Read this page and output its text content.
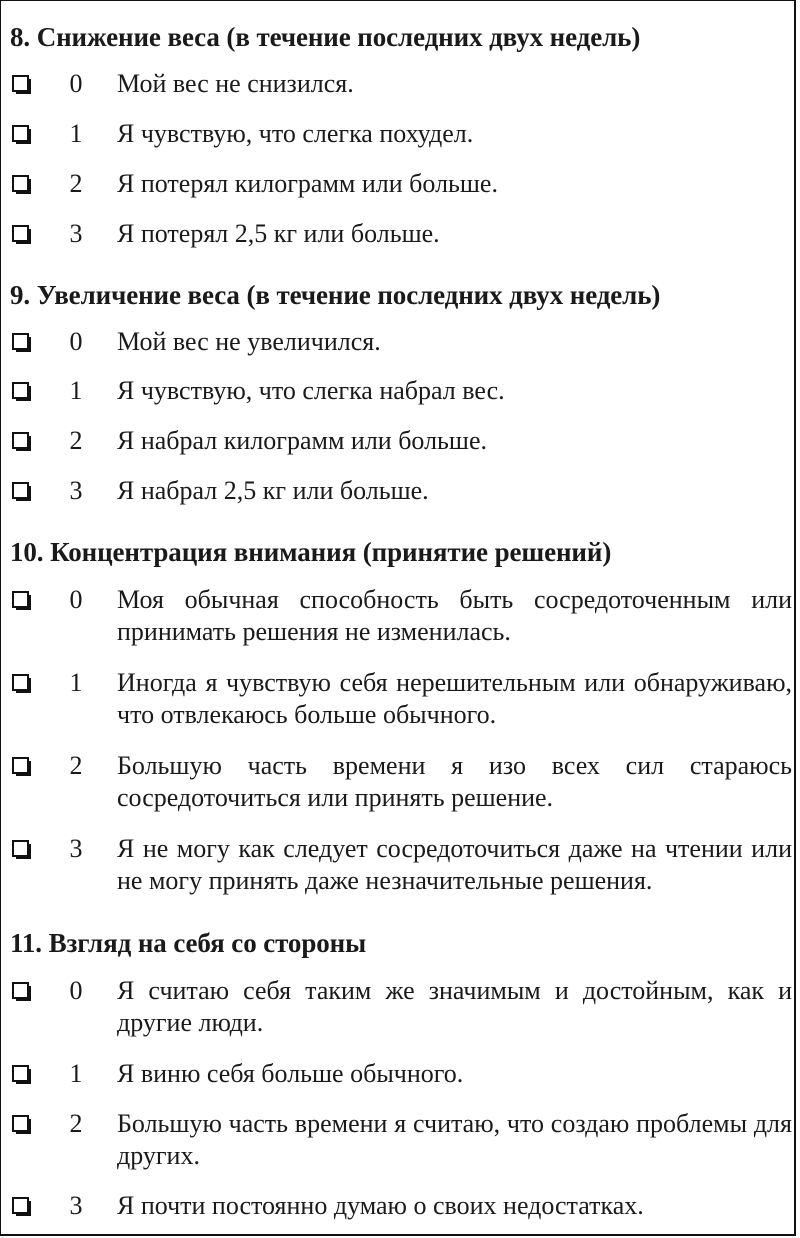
8. Снижение веса (в течение последних двух недель)
0 Мой вес не снизился.
1 Я чувствую, что слегка похудел.
2 Я потерял килограмм или больше.
3 Я потерял 2,5 кг или больше.
9. Увеличение веса (в течение последних двух недель)
0 Мой вес не увеличился.
1 Я чувствую, что слегка набрал вес.
2 Я набрал килограмм или больше.
3 Я набрал 2,5 кг или больше.
10. Концентрация внимания (принятие решений)
0 Моя обычная способность быть сосредоточенным или принимать решения не изменилась.
1 Иногда я чувствую себя нерешительным или обнаруживаю, что отвлекаюсь больше обычного.
2 Большую часть времени я изо всех сил стараюсь сосредоточиться или принять решение.
3 Я не могу как следует сосредоточиться даже на чтении или не могу принять даже незначительные решения.
11. Взгляд на себя со стороны
0 Я считаю себя таким же значимым и достойным, как и другие люди.
1 Я виню себя больше обычного.
2 Большую часть времени я считаю, что создаю проблемы для других.
3 Я почти постоянно думаю о своих недостатках.
